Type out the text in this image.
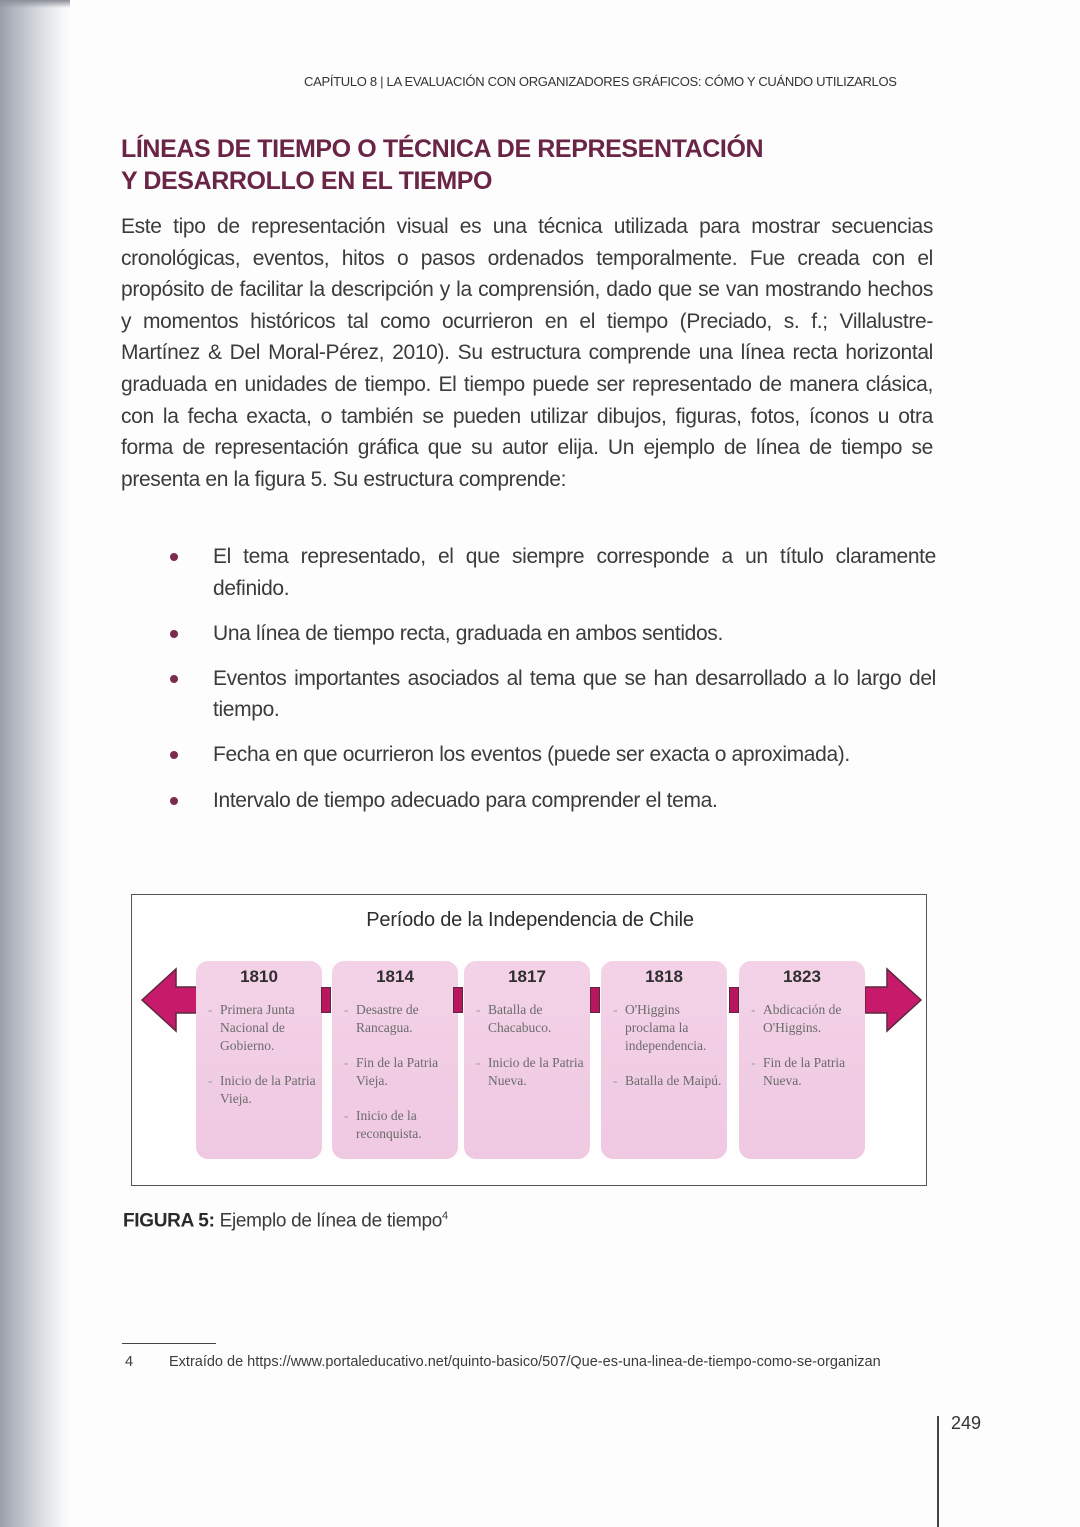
CAPÍTULO 8 | LA EVALUACIÓN CON ORGANIZADORES GRÁFICOS: CÓMO Y CUÁNDO UTILIZARLOS
LÍNEAS DE TIEMPO O TÉCNICA DE REPRESENTACIÓN
Y DESARROLLO EN EL TIEMPO
Este tipo de representación visual es una técnica utilizada para mostrar secuencias cronológicas, eventos, hitos o pasos ordenados temporalmente. Fue creada con el propósito de facilitar la descripción y la comprensión, dado que se van mostrando hechos y momentos históricos tal como ocurrieron en el tiempo (Preciado, s. f.; Villalustre-Martínez & Del Moral-Pérez, 2010). Su estructura comprende una línea recta horizontal graduada en unidades de tiempo. El tiempo puede ser representado de manera clásica, con la fecha exacta, o también se pueden utilizar dibujos, figuras, fotos, íconos u otra forma de representación gráfica que su autor elija. Un ejemplo de línea de tiempo se presenta en la figura 5. Su estructura comprende:
El tema representado, el que siempre corresponde a un título claramente definido.
Una línea de tiempo recta, graduada en ambos sentidos.
Eventos importantes asociados al tema que se han desarrollado a lo largo del tiempo.
Fecha en que ocurrieron los eventos (puede ser exacta o aproximada).
Intervalo de tiempo adecuado para comprender el tema.
Período de la Independencia de Chile
1810
- Primera Junta Nacional de Gobierno.
- Inicio de la Patria Vieja.
1814
- Desastre de Rancagua.
- Fin de la Patria Vieja.
- Inicio de la reconquista.
1817
- Batalla de Chacabuco.
- Inicio de la Patria Nueva.
1818
- O'Higgins proclama la independencia.
- Batalla de Maipú.
1823
- Abdicación de O'Higgins.
- Fin de la Patria Nueva.
FIGURA 5: Ejemplo de línea de tiempo$^4$
4 Extraído de https://www.portaleducativo.net/quinto-basico/507/Que-es-una-linea-de-tiempo-como-se-organizan
249
